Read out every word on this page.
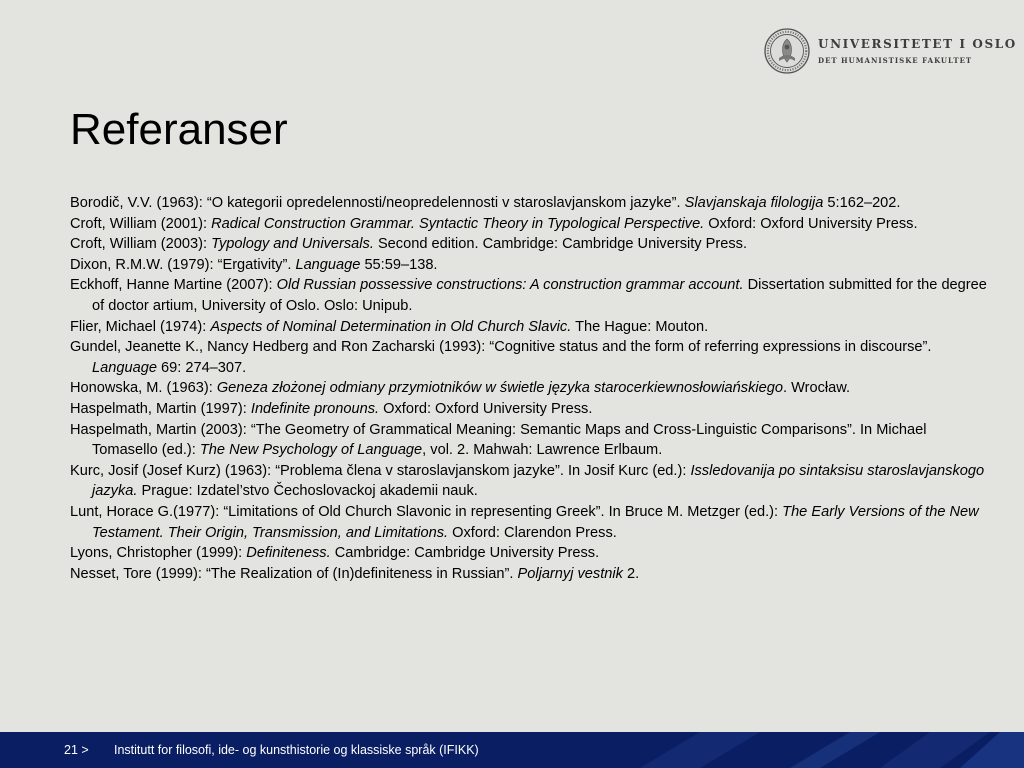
UNIVERSITETET I OSLO
DET HUMANISTISKE FAKULTET
Referanser
Borodič, V.V. (1963): “O kategorii opredelennosti/neopredelennosti v staroslavjanskom jazyke”. Slavjanskaja filologija 5:162–202.
Croft, William (2001): Radical Construction Grammar. Syntactic Theory in Typological Perspective. Oxford: Oxford University Press.
Croft, William (2003): Typology and Universals. Second edition. Cambridge: Cambridge University Press.
Dixon, R.M.W. (1979): “Ergativity”. Language 55:59–138.
Eckhoff, Hanne Martine (2007): Old Russian possessive constructions: A construction grammar account. Dissertation submitted for the degree of doctor artium, University of Oslo. Oslo: Unipub.
Flier, Michael (1974): Aspects of Nominal Determination in Old Church Slavic. The Hague: Mouton.
Gundel, Jeanette K., Nancy Hedberg and Ron Zacharski (1993): “Cognitive status and the form of referring expressions in discourse”. Language 69: 274–307.
Honowska, M. (1963): Geneza złożonej odmiany przymiotników w świetle języka starocerkiewnosłowiańskiego. Wrocław.
Haspelmath, Martin (1997): Indefinite pronouns. Oxford: Oxford University Press.
Haspelmath, Martin (2003): “The Geometry of Grammatical Meaning: Semantic Maps and Cross-Linguistic Comparisons”. In Michael Tomasello (ed.): The New Psychology of Language, vol. 2. Mahwah: Lawrence Erlbaum.
Kurc, Josif (Josef Kurz) (1963): “Problema člena v staroslavjanskom jazyke”. In Josif Kurc (ed.): Issledovanija po sintaksisu staroslavjanskogo jazyka. Prague: Izdatel’stvo Čechoslovackoj akademii nauk.
Lunt, Horace G.(1977): “Limitations of Old Church Slavonic in representing Greek”. In Bruce M. Metzger (ed.): The Early Versions of the New Testament. Their Origin, Transmission, and Limitations. Oxford: Clarendon Press.
Lyons, Christopher (1999): Definiteness. Cambridge: Cambridge University Press.
Nesset, Tore (1999): “The Realization of (In)definiteness in Russian”. Poljarnyj vestnik 2.
21 > Institutt for filosofi, ide- og kunsthistorie og klassiske språk (IFIKK)
